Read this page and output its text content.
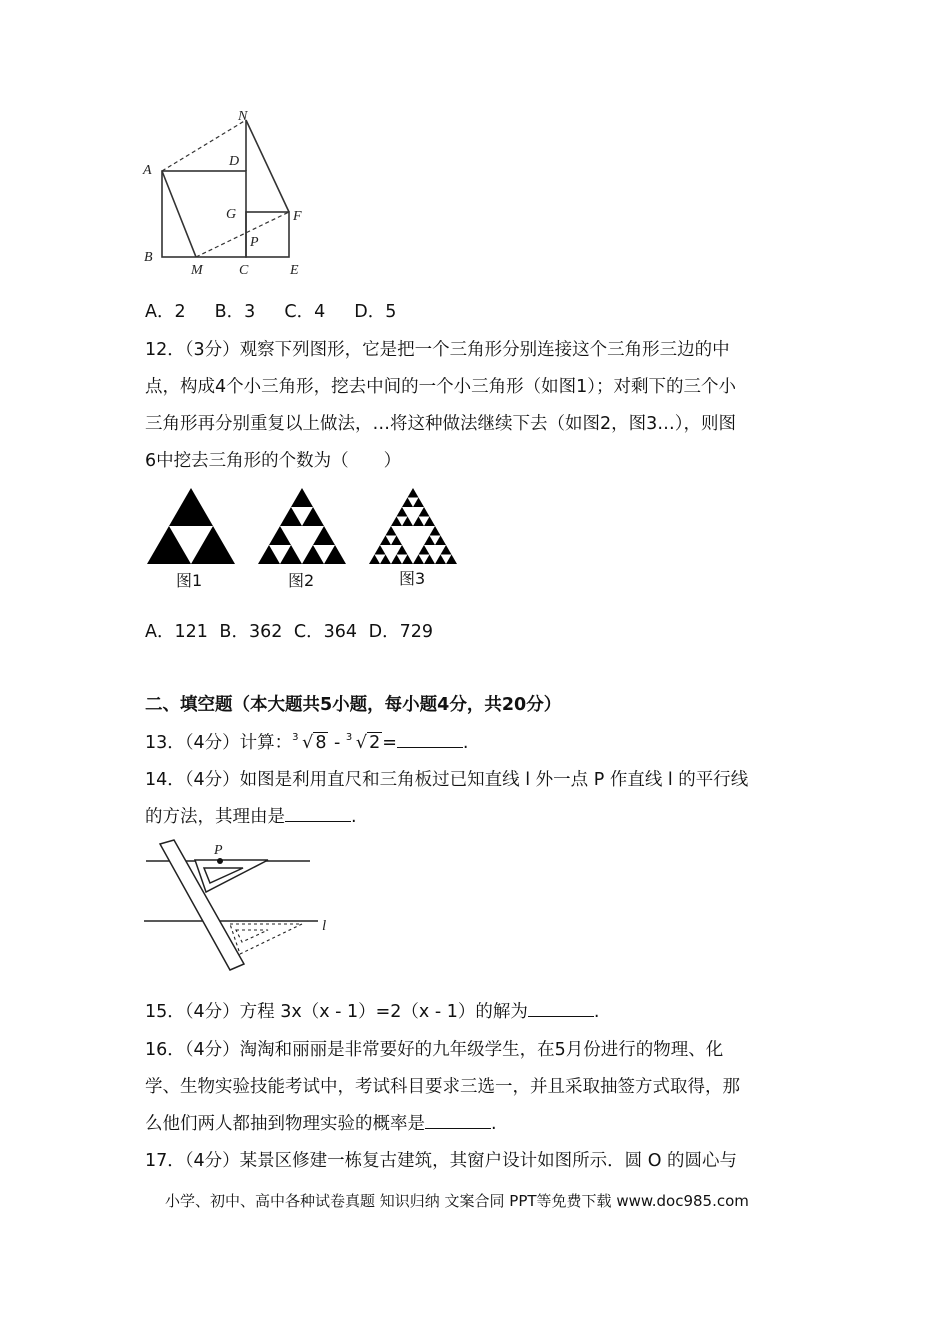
A
B
C
D
E
F
G
M
N
P
A．2　 B．3　 C．4　 D．5
12．（3分）观察下列图形，它是把一个三角形分别连接这个三角形三边的中
点，构成4个小三角形，挖去中间的一个小三角形（如图1）；对剩下的三个小
三角形再分别重复以上做法，…将这种做法继续下去（如图2，图3…），则图
6中挖去三角形的个数为（　　）
图1	图2	图3
A．121 B．362 C．364 D．729
二、填空题（本大题共5小题，每小题4分，共20分）
13．（4分）计算： 3 √ 8 ‑ 3 √ 2 =	.
14．（4分）如图是利用直尺和三角板过已知直线 l 外一点 P 作直线 l 的平行线
的方法，其理由是	.
P
l
15．（4分）方程 3x（x ‑ 1）=2（x ‑ 1）的解为	.
16．（4分）淘淘和丽丽是非常要好的九年级学生，在5月份进行的物理、化
学、生物实验技能考试中，考试科目要求三选一，并且采取抽签方式取得，那
么他们两人都抽到物理实验的概率是	.
17．（4分）某景区修建一栋复古建筑，其窗户设计如图所示．圆 O 的圆心与
小学、初中、高中各种试卷真题 知识归纳 文案合同 PPT等免费下载 www.doc985.com
